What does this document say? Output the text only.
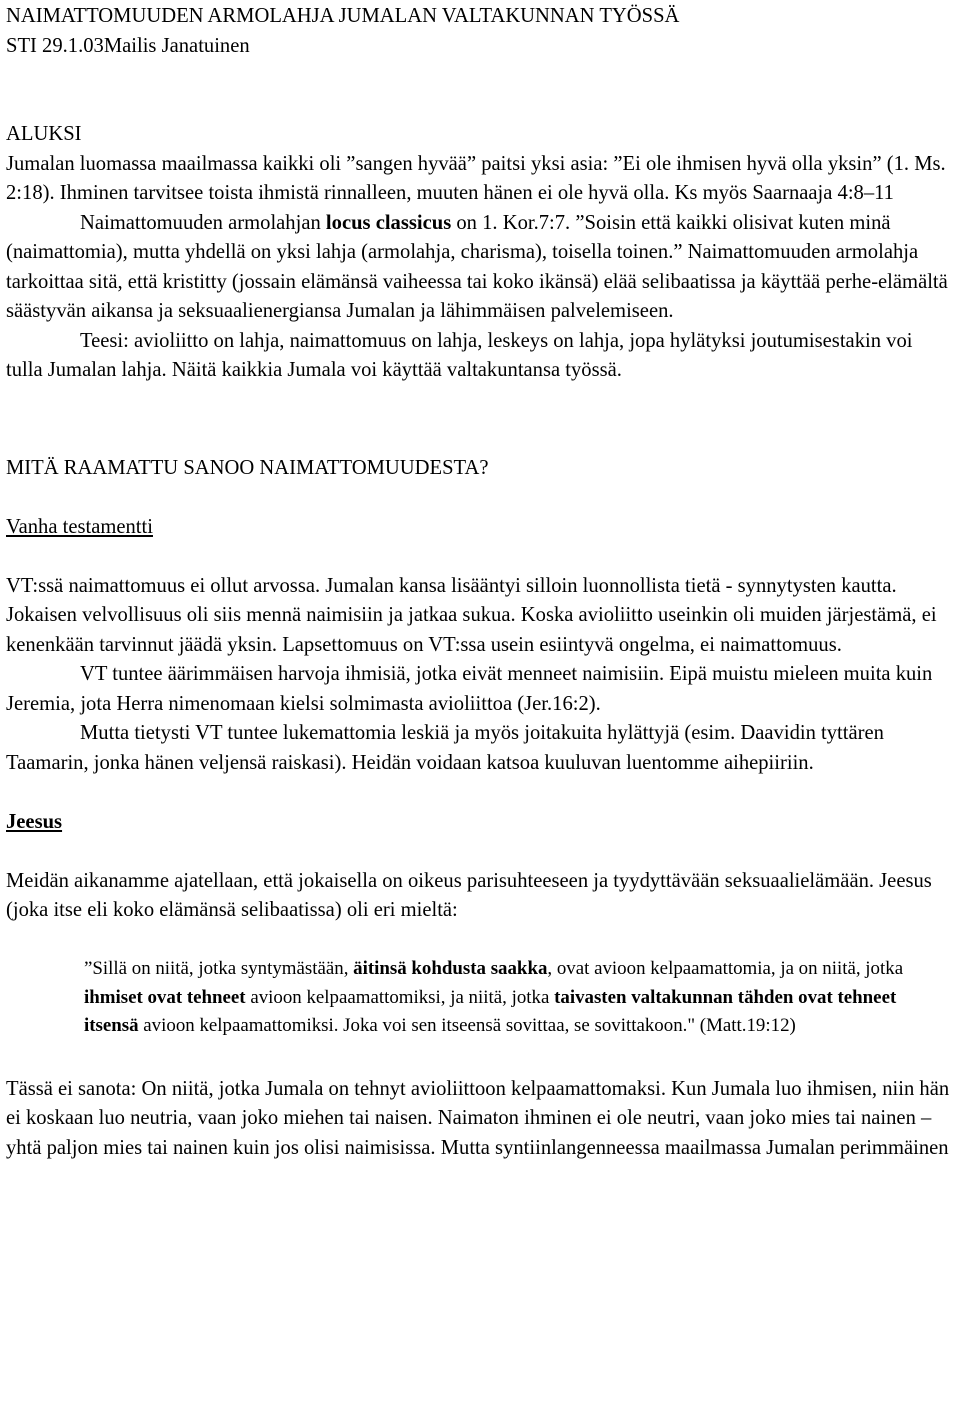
NAIMATTOMUUDEN ARMOLAHJA JUMALAN VALTAKUNNAN TYÖSSÄ

STI 29.1.03Mailis Janatuinen

ALUKSI

Jumalan luomassa maailmassa kaikki oli ”sangen hyvää” paitsi yksi asia: ”Ei ole ihmisen hyvä olla yksin” (1. Ms. 2:18). Ihminen tarvitsee toista ihmistä rinnalleen, muuten hänen ei ole hyvä olla. Ks myös Saarnaaja 4:8–11

Naimattomuuden armolahjan locus classicus on 1. Kor.7:7. ”Soisin että kaikki olisivat kuten minä (naimattomia), mutta yhdellä on yksi lahja (armolahja, charisma), toisella toinen.” Naimattomuuden armolahja tarkoittaa sitä, että kristitty (jossain elämänsä vaiheessa tai koko ikänsä) elää selibaatissa ja käyttää perhe-elämältä säästyvän aikansa ja seksuaalienergiansa Jumalan ja lähimmäisen palvelemiseen.

Teesi: avioliitto on lahja, naimattomuus on lahja, leskeys on lahja, jopa hylätyksi joutumisestakin voi tulla Jumalan lahja. Näitä kaikkia Jumala voi käyttää valtakuntansa työssä.

MITÄ RAAMATTU SANOO NAIMATTOMUUDESTA?

Vanha testamentti

VT:ssä naimattomuus ei ollut arvossa. Jumalan kansa lisääntyi silloin luonnollista tietä - synnytysten kautta. Jokaisen velvollisuus oli siis mennä naimisiin ja jatkaa sukua. Koska avioliitto useinkin oli muiden järjestämä, ei kenenkään tarvinnut jäädä yksin. Lapsettomuus on VT:ssa usein esiintyvä ongelma, ei naimattomuus.

VT tuntee äärimmäisen harvoja ihmisiä, jotka eivät menneet naimisiin. Eipä muistu mieleen muita kuin Jeremia, jota Herra nimenomaan kielsi solmimasta avioliittoa (Jer.16:2).

Mutta tietysti VT tuntee lukemattomia leskiä ja myös joitakuita hylättyjä (esim. Daavidin tyttären Taamarin, jonka hänen veljensä raiskasi). Heidän voidaan katsoa kuuluvan luentomme aihepiiriin.

Jeesus

Meidän aikanamme ajatellaan, että jokaisella on oikeus parisuhteeseen ja tyydyttävään seksuaalielämään. Jeesus (joka itse eli koko elämänsä selibaatissa) oli eri mieltä:

”Sillä on niitä, jotka syntymästään, äitinsä kohdusta saakka, ovat avioon kelpaamattomia, ja on niitä, jotka ihmiset ovat tehneet avioon kelpaamattomiksi, ja niitä, jotka taivasten valtakunnan tähden ovat tehneet itsensä avioon kelpaamattomiksi. Joka voi sen itseensä sovittaa, se sovittakoon." (Matt.19:12)

Tässä ei sanota: On niitä, jotka Jumala on tehnyt avioliittoon kelpaamattomaksi. Kun Jumala luo ihmisen, niin hän ei koskaan luo neutria, vaan joko miehen tai naisen. Naimaton ihminen ei ole neutri, vaan joko mies tai nainen – yhtä paljon mies tai nainen kuin jos olisi naimisissa. Mutta syntiinlangenneessa maailmassa Jumalan perimmäinen
